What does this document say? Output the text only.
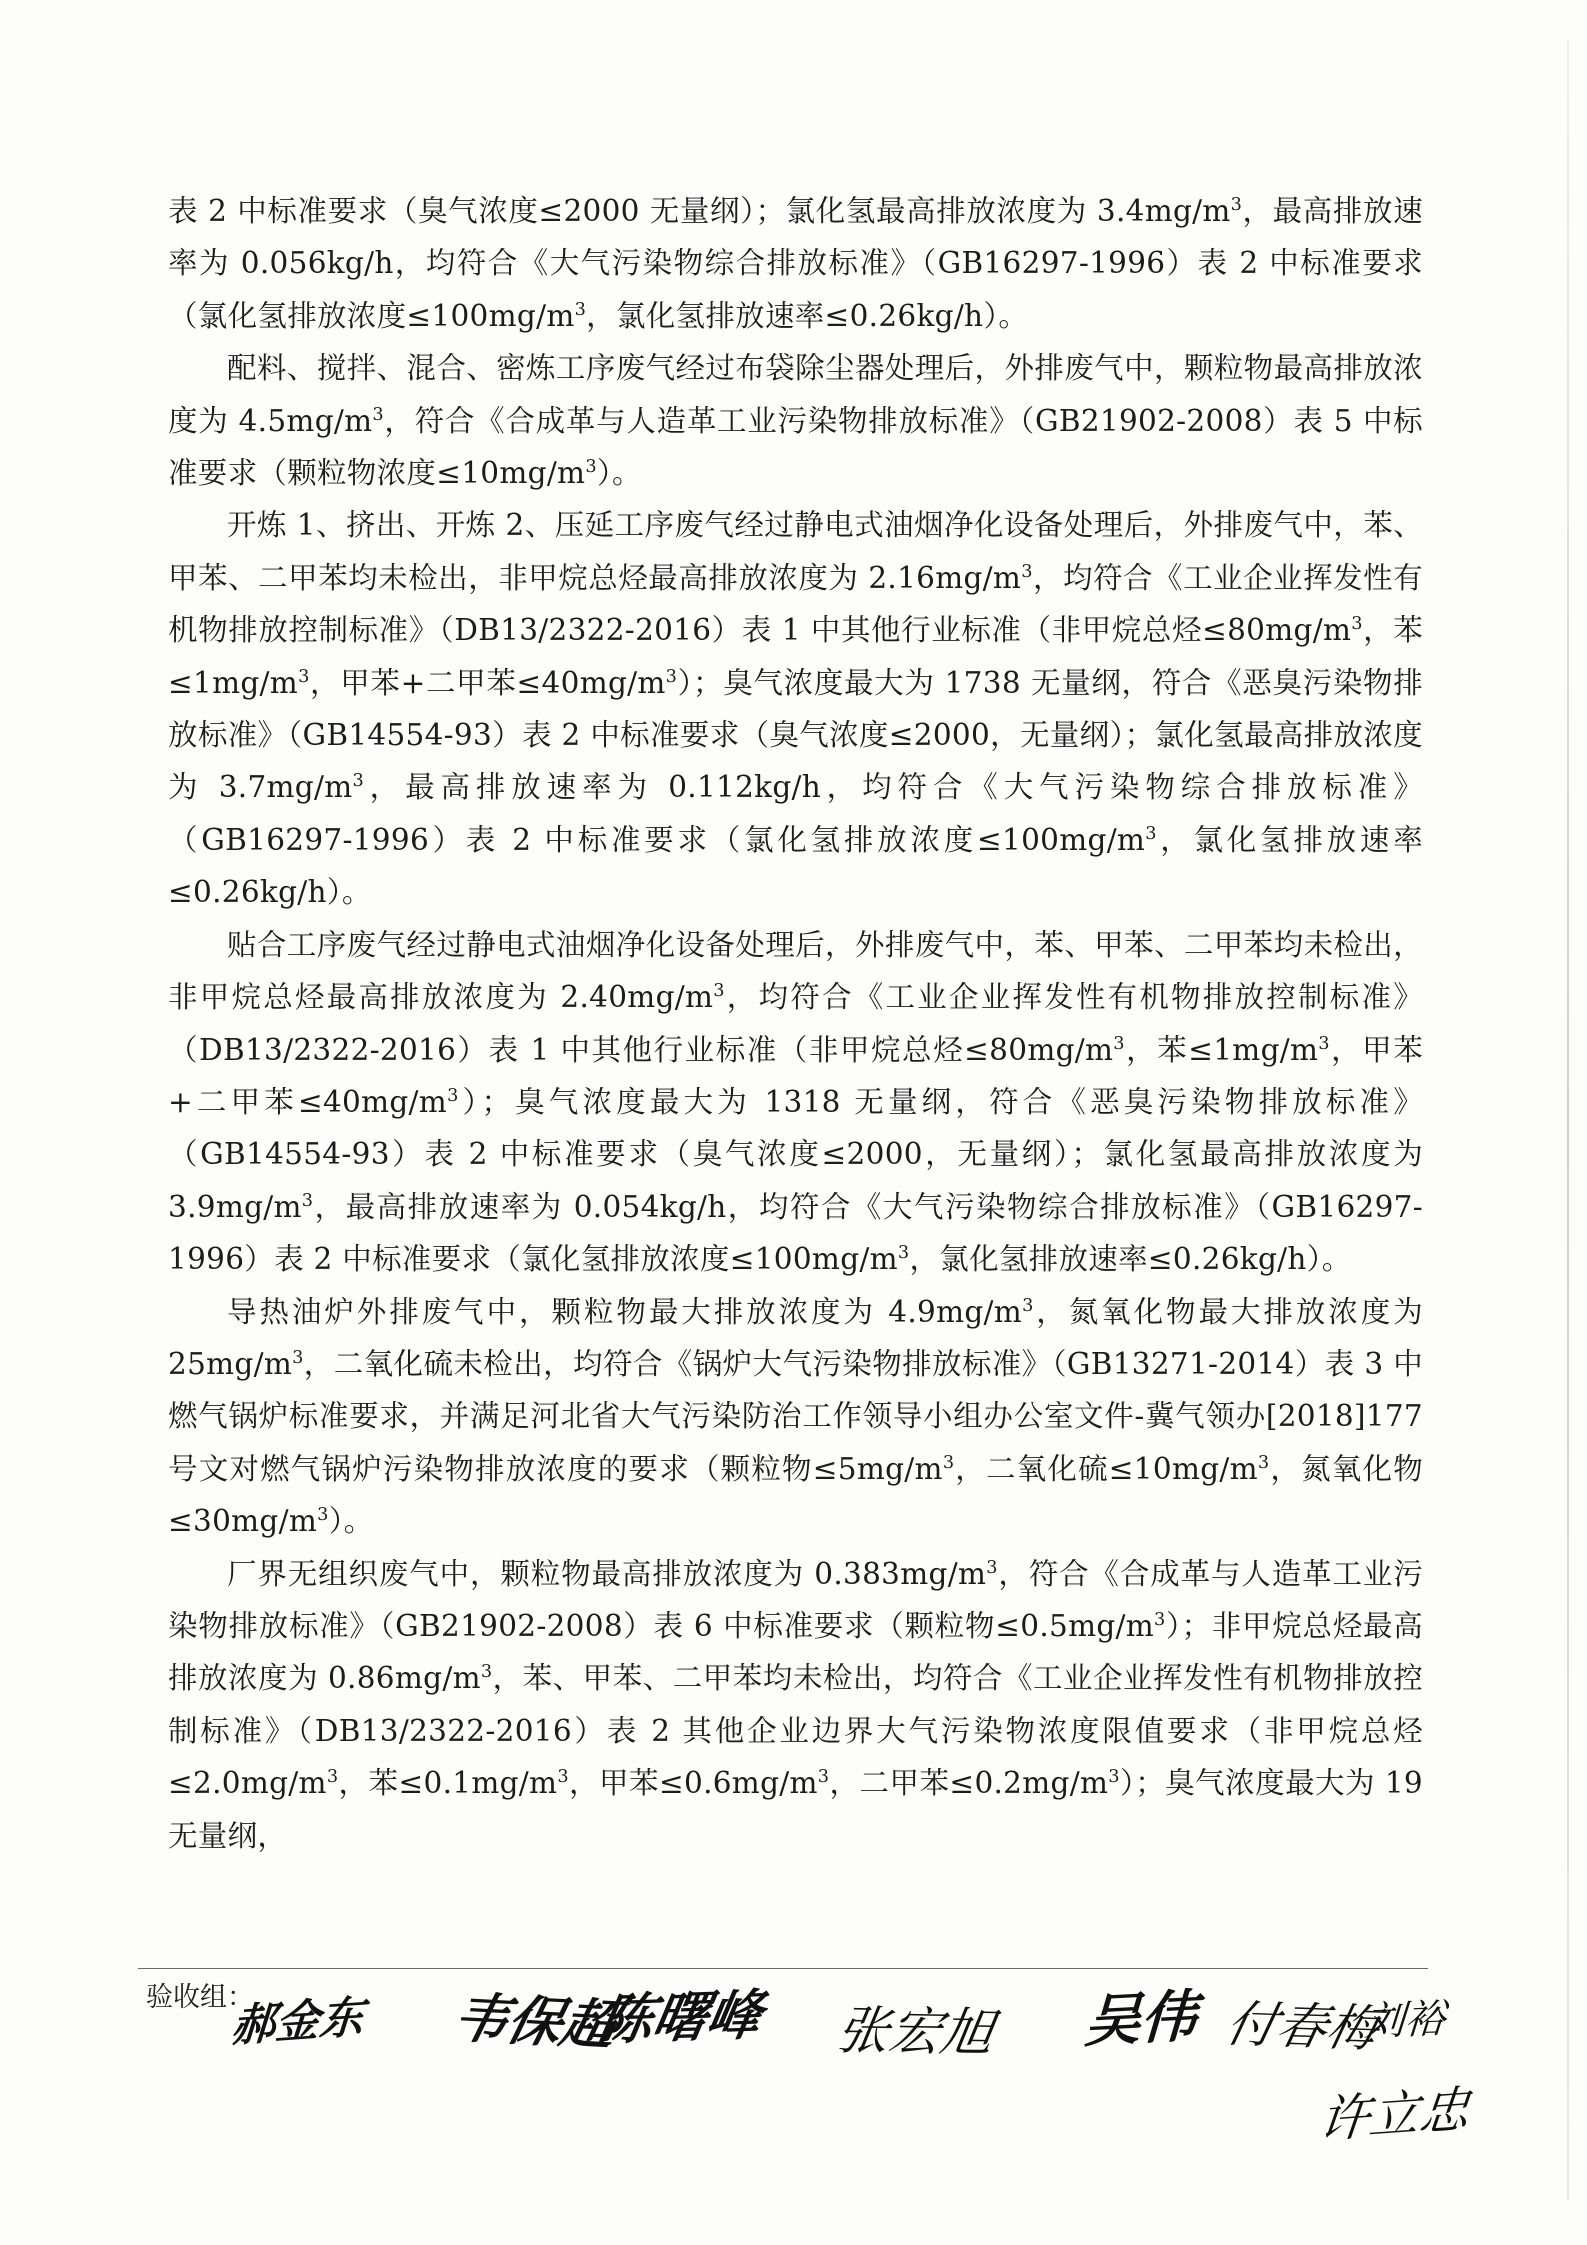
表 2 中标准要求（臭气浓度≤2000 无量纲）；氯化氢最高排放浓度为 $3.4mg/m^3$，最高排放速率为 0.056kg/h，均符合《大气污染物综合排放标准》（GB16297-1996）表 2 中标准要求（氯化氢排放浓度$\le 100mg/m^3$，氯化氢排放速率≤0.26kg/h）。

配料、搅拌、混合、密炼工序废气经过布袋除尘器处理后，外排废气中，颗粒物最高排放浓度为 $4.5mg/m^3$，符合《合成革与人造革工业污染物排放标准》（GB21902-2008）表 5 中标准要求（颗粒物浓度$\le 10mg/m^3$）。

开炼 1、挤出、开炼 2、压延工序废气经过静电式油烟净化设备处理后，外排废气中，苯、甲苯、二甲苯均未检出，非甲烷总烃最高排放浓度为 $2.16mg/m^3$，均符合《工业企业挥发性有机物排放控制标准》（DB13/2322-2016）表 1 中其他行业标准（非甲烷总烃$\le 80mg/m^3$，苯$\le 1mg/m^3$，甲苯+二甲苯$\le 40mg/m^3$）；臭气浓度最大为 1738 无量纲，符合《恶臭污染物排放标准》（GB14554-93）表 2 中标准要求（臭气浓度≤2000，无量纲）；氯化氢最高排放浓度为 $3.7mg/m^3$，最高排放速率为 0.112kg/h，均符合《大气污染物综合排放标准》（GB16297-1996）表 2 中标准要求（氯化氢排放浓度$\le 100mg/m^3$，氯化氢排放速率≤0.26kg/h）。

贴合工序废气经过静电式油烟净化设备处理后，外排废气中，苯、甲苯、二甲苯均未检出，非甲烷总烃最高排放浓度为 $2.40mg/m^3$，均符合《工业企业挥发性有机物排放控制标准》（DB13/2322-2016）表 1 中其他行业标准（非甲烷总烃$\le 80mg/m^3$，苯$\le 1mg/m^3$，甲苯+二甲苯$\le 40mg/m^3$）；臭气浓度最大为 1318 无量纲，符合《恶臭污染物排放标准》（GB14554-93）表 2 中标准要求（臭气浓度≤2000，无量纲）；氯化氢最高排放浓度为 $3.9mg/m^3$，最高排放速率为 0.054kg/h，均符合《大气污染物综合排放标准》（GB16297-1996）表 2 中标准要求（氯化氢排放浓度$\le 100mg/m^3$，氯化氢排放速率≤0.26kg/h）。

导热油炉外排废气中，颗粒物最大排放浓度为 $4.9mg/m^3$，氮氧化物最大排放浓度为 $25mg/m^3$，二氧化硫未检出，均符合《锅炉大气污染物排放标准》（GB13271-2014）表 3 中燃气锅炉标准要求，并满足河北省大气污染防治工作领导小组办公室文件-冀气领办[2018]177 号文对燃气锅炉污染物排放浓度的要求（颗粒物$\le 5mg/m^3$，二氧化硫$\le 10mg/m^3$，氮氧化物$\le 30mg/m^3$）。

厂界无组织废气中，颗粒物最高排放浓度为 $0.383mg/m^3$，符合《合成革与人造革工业污染物排放标准》（GB21902-2008）表 6 中标准要求（颗粒物$\le 0.5mg/m^3$）；非甲烷总烃最高排放浓度为 $0.86mg/m^3$，苯、甲苯、二甲苯均未检出，均符合《工业企业挥发性有机物排放控制标准》（DB13/2322-2016）表 2 其他企业边界大气污染物浓度限值要求（非甲烷总烃$\le 2.0mg/m^3$，苯$\le 0.1mg/m^3$，甲苯$\le 0.6mg/m^3$，二甲苯$\le 0.2mg/m^3$）；臭气浓度最大为 19 无量纲，

验收组：
郝金东 韦保超
陈曙峰 张宏旭 吴伟 付春梅
刘裕
许立忠
